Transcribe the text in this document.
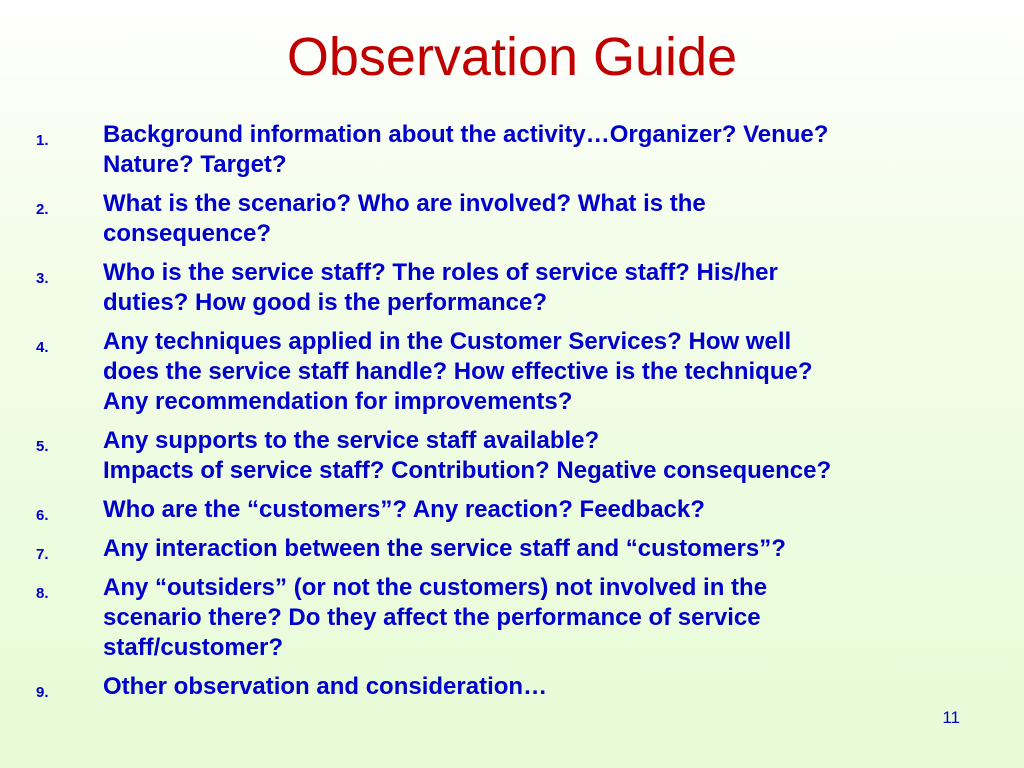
Observation Guide
1. Background information about the activity…Organizer? Venue?
Nature? Target?
2. What is the scenario? Who are involved? What is the
consequence?
3. Who is the service staff? The roles of service staff? His/her
duties? How good is the performance?
4. Any techniques applied in the Customer Services? How well
does the service staff handle? How effective is the technique?
Any recommendation for improvements?
5. Any supports to the service staff available?
Impacts of service staff? Contribution? Negative consequence?
6. Who are the “customers”? Any reaction? Feedback?
7. Any interaction between the service staff and “customers”?
8. Any “outsiders” (or not the customers) not involved in the
scenario there? Do they affect the performance of service
staff/customer?
9. Other observation and consideration…
11
